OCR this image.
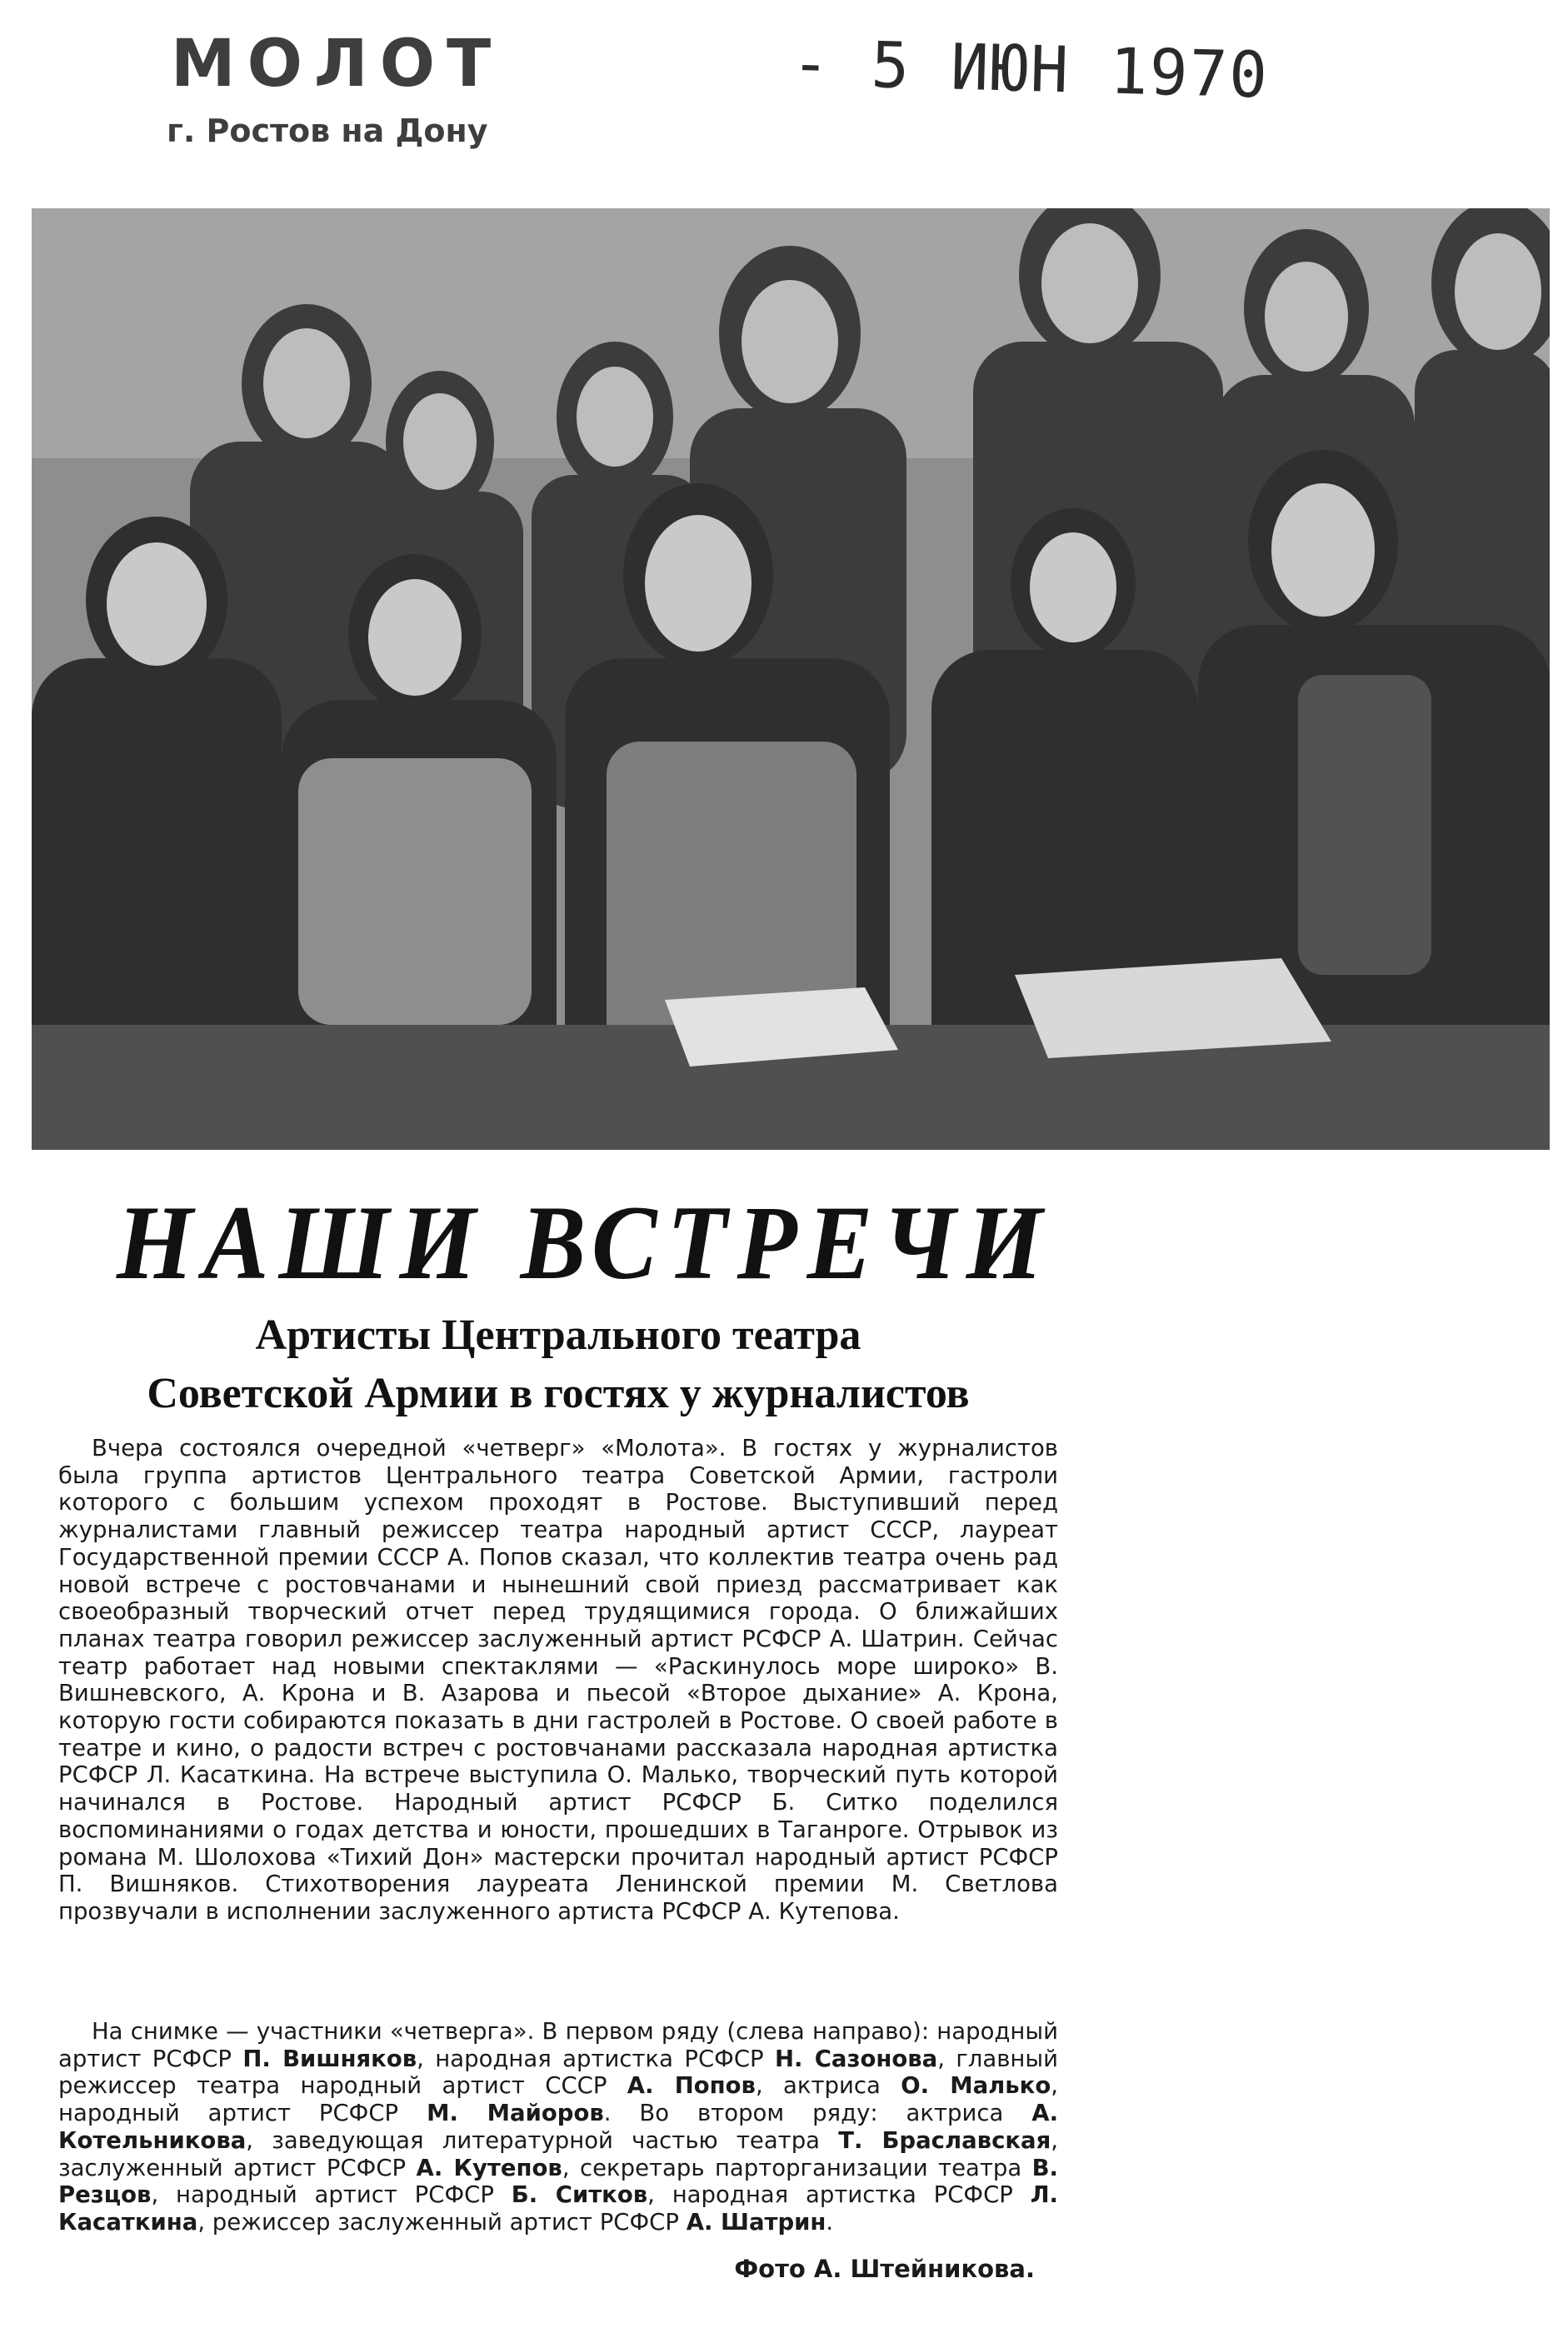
МОЛОТ
г. Ростов на Дону
- 5 ИЮН 1970
НАШИ ВСТРЕЧИ
Артисты Центрального театра
Советской Армии в гостях у журналистов
Вчера состоялся очередной «четверг» «Молота». В гостях у журналистов была группа артистов Центрального театра Советской Армии, гастроли которого с большим успехом проходят в Ростове. Выступивший перед журналистами главный режиссер театра народный артист СССР, лауреат Государственной премии СССР А. Попов сказал, что коллектив театра очень рад новой встрече с ростовчанами и нынешний свой приезд рассматривает как своеобразный творческий отчет перед трудящимися города. О ближайших планах театра говорил режиссер заслуженный артист РСФСР А. Шатрин. Сейчас театр работает над новыми спектаклями — «Раскинулось море широко» В. Вишневского, А. Крона и В. Азарова и пьесой «Второе дыхание» А. Крона, которую гости собираются показать в дни гастролей в Ростове. О своей работе в театре и кино, о радости встреч с ростовчанами рассказала народная артистка РСФСР Л. Касаткина. На встрече выступила О. Малько, творческий путь которой начинался в Ростове. Народный артист РСФСР Б. Ситко поделился воспоминаниями о годах детства и юности, прошедших в Таганроге. Отрывок из романа М. Шолохова «Тихий Дон» мастерски прочитал народный артист РСФСР П. Вишняков. Стихотворения лауреата Ленинской премии М. Светлова прозвучали в исполнении заслуженного артиста РСФСР А. Кутепова.
На снимке — участники «четверга». В первом ряду (слева направо): народный артист РСФСР П. Вишняков, народная артистка РСФСР Н. Сазонова, главный режиссер театра народный артист СССР А. Попов, актриса О. Малько, народный артист РСФСР М. Майоров. Во втором ряду: актриса А. Котельникова, заведующая литературной частью театра Т. Браславская, заслуженный артист РСФСР А. Кутепов, секретарь парторганизации театра В. Резцов, народный артист РСФСР Б. Ситков, народная артистка РСФСР Л. Касаткина, режиссер заслуженный артист РСФСР А. Шатрин.
Фото А. Штейникова.
